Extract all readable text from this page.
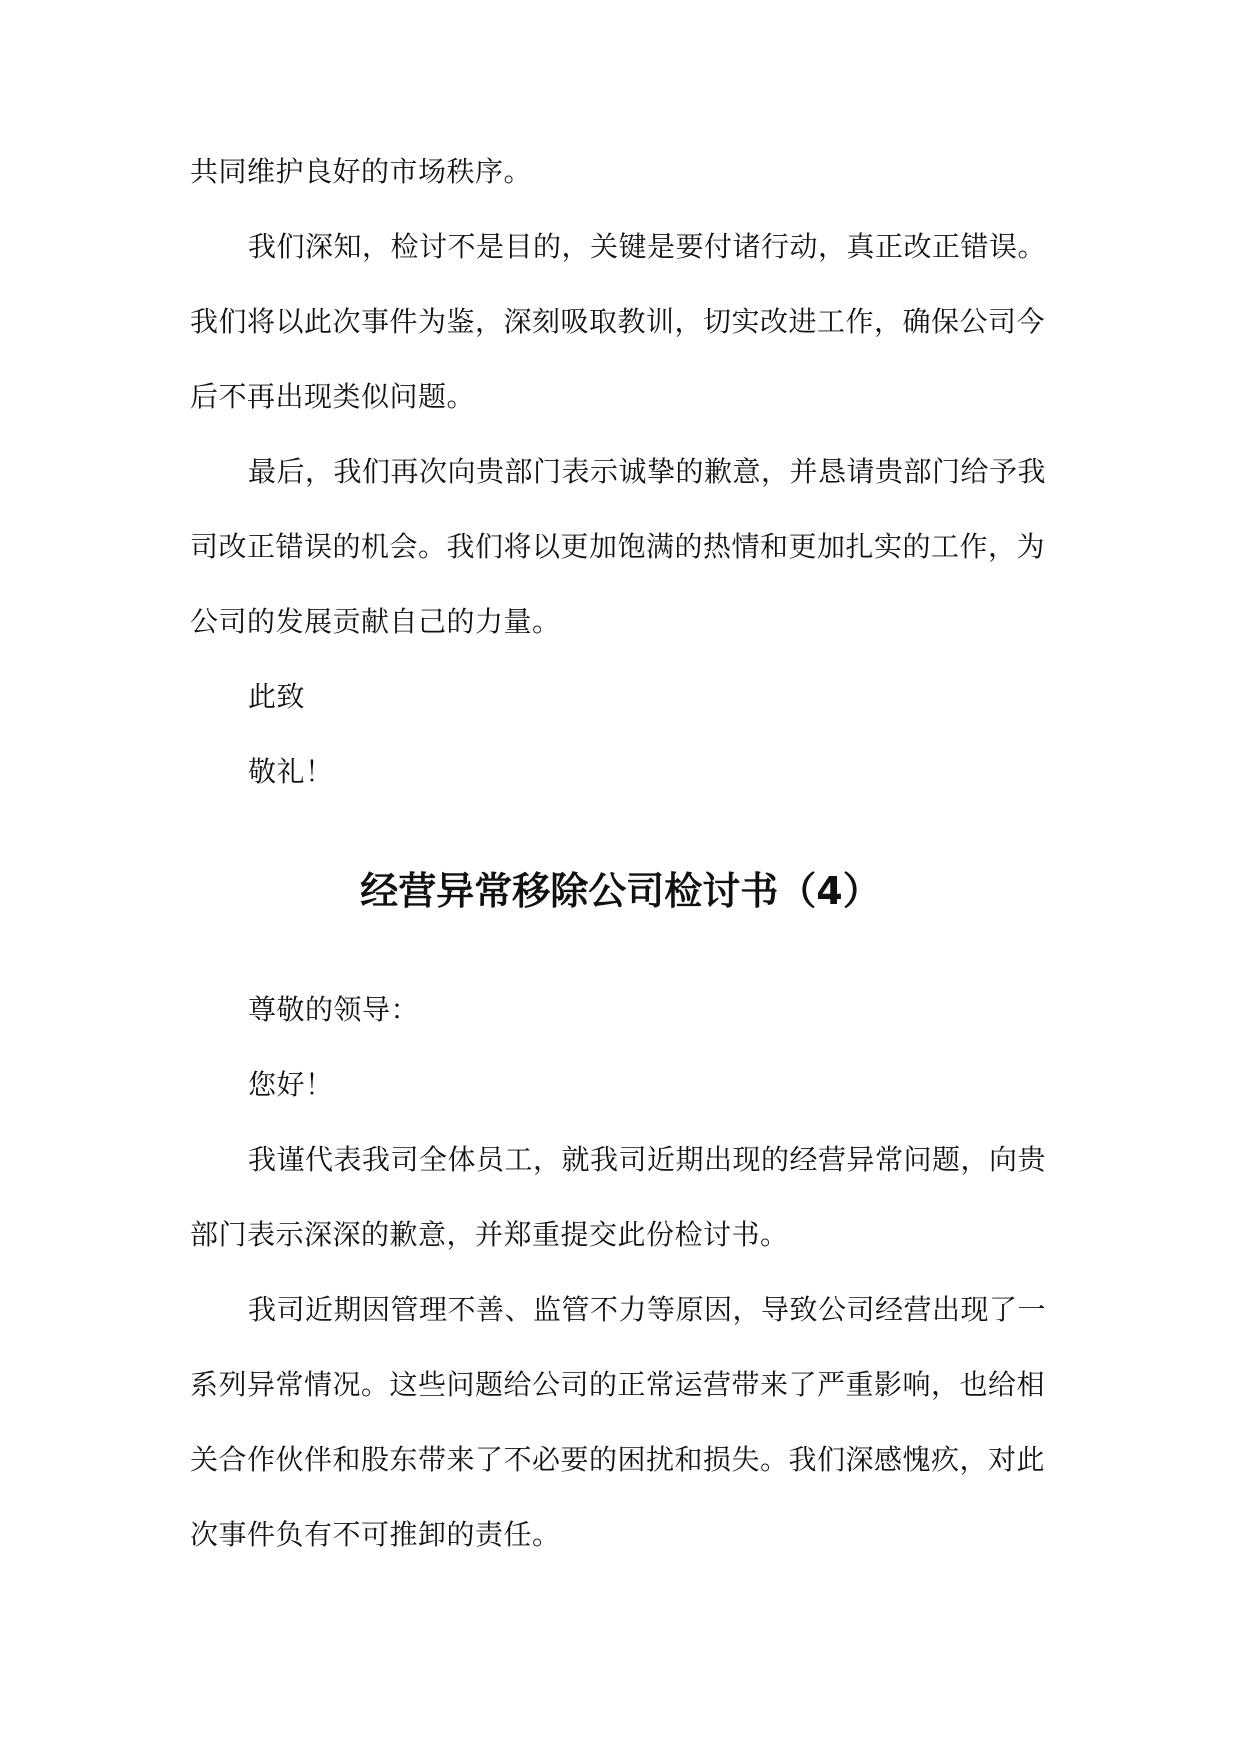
共同维护良好的市场秩序。
我们深知，检讨不是目的，关键是要付诸行动，真正改正错误。
我们将以此次事件为鉴，深刻吸取教训，切实改进工作，确保公司今
后不再出现类似问题。
最后，我们再次向贵部门表示诚挚的歉意，并恳请贵部门给予我
司改正错误的机会。我们将以更加饱满的热情和更加扎实的工作，为
公司的发展贡献自己的力量。
此致
敬礼！
经营异常移除公司检讨书（4）
尊敬的领导：
您好！
我谨代表我司全体员工，就我司近期出现的经营异常问题，向贵
部门表示深深的歉意，并郑重提交此份检讨书。
我司近期因管理不善、监管不力等原因，导致公司经营出现了一
系列异常情况。这些问题给公司的正常运营带来了严重影响，也给相
关合作伙伴和股东带来了不必要的困扰和损失。我们深感愧疚，对此
次事件负有不可推卸的责任。
